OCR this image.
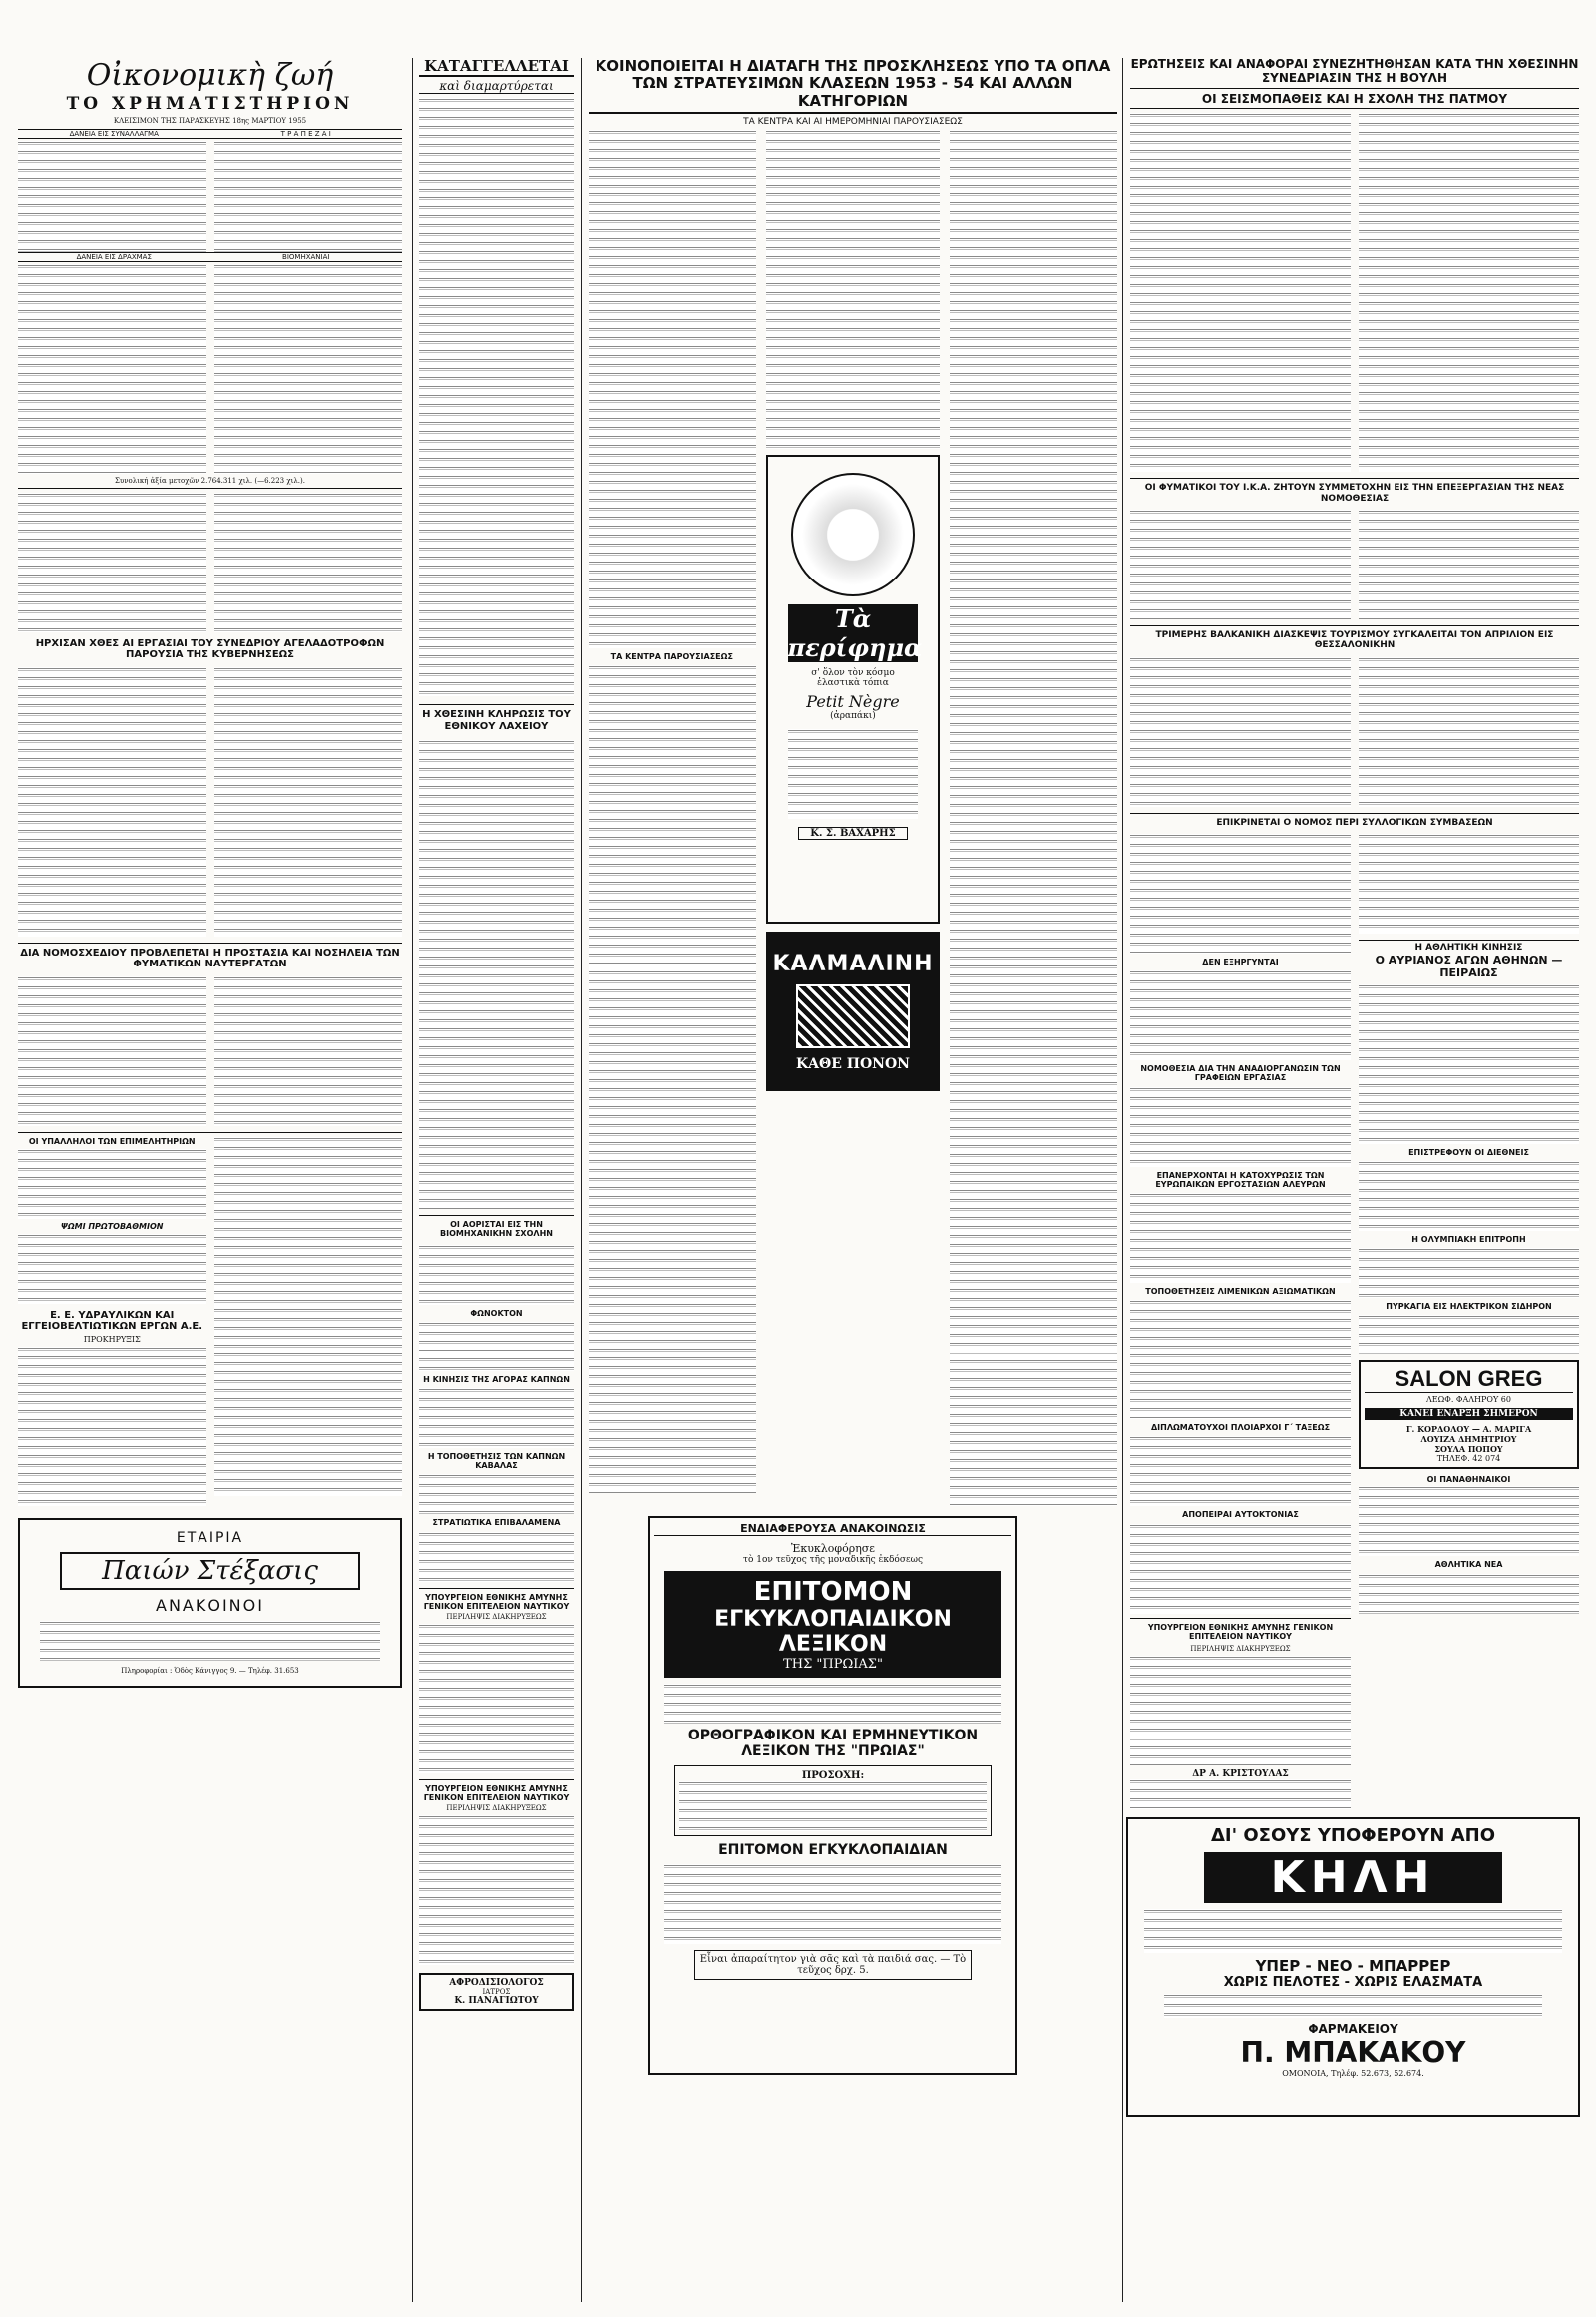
Οἰκονομικὴ ζωή
ΤΟ ΧΡΗΜΑΤΙΣΤΗΡΙΟΝ
ΚΛΕΙΣΙΜΟΝ ΤΗΣ ΠΑΡΑΣΚΕΥΗΣ 18ης ΜΑΡΤΙΟΥ 1955
ΔΑΝΕΙΑ ΕΙΣ ΣΥΝΑΛΛΑΓΜΑ	Τ Ρ Α Π Ε Ζ Α Ι
ΔΑΝΕΙΑ ΕΙΣ ΔΡΑΧΜΑΣ	ΒΙΟΜΗΧΑΝΙΑΙ
Συνολική ἀξία μετοχῶν 2.764.311 χιλ. (—6.223 χιλ.).
ΗΡΧΙΣΑΝ ΧΘΕΣ ΑΙ ΕΡΓΑΣΙΑΙ ΤΟΥ ΣΥΝΕΔΡΙΟΥ ΑΓΕΛΑΔΟΤΡΟΦΩΝ ΠΑΡΟΥΣΙΑ ΤΗΣ ΚΥΒΕΡΝΗΣΕΩΣ
ΔΙΑ ΝΟΜΟΣΧΕΔΙΟΥ ΠΡΟΒΛΕΠΕΤΑΙ Η ΠΡΟΣΤΑΣΙΑ ΚΑΙ ΝΟΣΗΛΕΙΑ ΤΩΝ ΦΥΜΑΤΙΚΩΝ ΝΑΥΤΕΡΓΑΤΩΝ
ΟΙ ΥΠΑΛΛΗΛΟΙ ΤΩΝ ΕΠΙΜΕΛΗΤΗΡΙΩΝ
ΨΩΜΙ ΠΡΩΤΟΒΑΘΜΙΟΝ
Ε. Ε. ΥΔΡΑΥΛΙΚΩΝ ΚΑΙ ΕΓΓΕΙΟΒΕΛΤΙΩΤΙΚΩΝ ΕΡΓΩΝ Α.Ε.
ΠΡΟΚΗΡΥΞΙΣ
ΕΤΑΙΡΙΑ
Παιών Στέξασις
ΑΝΑΚΟΙΝΟΙ
Πληροφορίαι : Ὁδὸς Κάνιγγος 9. — Τηλέφ. 31.653
ΚΑΤΑΓΓΕΛΛΕΤΑΙ
καὶ διαμαρτύρεται
Η ΧΘΕΣΙΝΗ ΚΛΗΡΩΣΙΣ ΤΟΥ ΕΘΝΙΚΟΥ ΛΑΧΕΙΟΥ
ΟΙ ΑΟΡΙΣΤΑΙ ΕΙΣ ΤΗΝ ΒΙΟΜΗΧΑΝΙΚΗΝ ΣΧΟΛΗΝ
ΦΩΝΟΚΤΟΝ
Η ΚΙΝΗΣΙΣ ΤΗΣ ΑΓΟΡΑΣ ΚΑΠΝΩΝ
Η ΤΟΠΟΘΕΤΗΣΙΣ ΤΩΝ ΚΑΠΝΩΝ ΚΑΒΑΛΑΣ
ΣΤΡΑΤΙΩΤΙΚΑ ΕΠΙΒΑΛΑΜΕΝΑ
ΥΠΟΥΡΓΕΙΟΝ ΕΘΝΙΚΗΣ ΑΜΥΝΗΣ ΓΕΝΙΚΟΝ ΕΠΙΤΕΛΕΙΟΝ ΝΑΥΤΙΚΟΥ
ΠΕΡΙΛΗΨΙΣ ΔΙΑΚΗΡΥΞΕΩΣ
ΥΠΟΥΡΓΕΙΟΝ ΕΘΝΙΚΗΣ ΑΜΥΝΗΣ ΓΕΝΙΚΟΝ ΕΠΙΤΕΛΕΙΟΝ ΝΑΥΤΙΚΟΥ
ΠΕΡΙΛΗΨΙΣ ΔΙΑΚΗΡΥΞΕΩΣ
ΑΦΡΟΔΙΣΙΟΛΟΓΟΣ
ΙΑΤΡΟΣ
Κ. ΠΑΝΑΓΙΩΤΟΥ
ΚΟΙΝΟΠΟΙΕΙΤΑΙ Η ΔΙΑΤΑΓΗ ΤΗΣ ΠΡΟΣΚΛΗΣΕΩΣ ΥΠΟ ΤΑ ΟΠΛΑ ΤΩΝ ΣΤΡΑΤΕΥΣΙΜΩΝ ΚΛΑΣΕΩΝ 1953 - 54 ΚΑΙ ΑΛΛΩΝ ΚΑΤΗΓΟΡΙΩΝ
ΤΑ ΚΕΝΤΡΑ ΚΑΙ ΑΙ ΗΜΕΡΟΜΗΝΙΑΙ ΠΑΡΟΥΣΙΑΣΕΩΣ
ΤΑ ΚΕΝΤΡΑ ΠΑΡΟΥΣΙΑΣΕΩΣ
Τὰ περίφημα
σ' ὅλον τὸν κόσμο
ἐλαστικὰ τόπια
Petit Nègre
(ἀραπάκι)
Κ. Σ. ΒΑΧΑΡΗΣ
ΚΑΛΜΑΛΙΝΗ
ΚΑΘΕ ΠΟΝΟΝ
ΕΝΔΙΑΦΕΡΟΥΣΑ ΑΝΑΚΟΙΝΩΣΙΣ
Ἐκυκλοφόρησε
τὸ 1ον τεῦχος τῆς μοναδικῆς ἐκδόσεως
ΕΠΙΤΟΜΟΝ
ΕΓΚΥΚΛΟΠΑΙΔΙΚΟΝ ΛΕΞΙΚΟΝ
ΤΗΣ "ΠΡΩΙΑΣ"
ΟΡΘΟΓΡΑΦΙΚΟΝ ΚΑΙ ΕΡΜΗΝΕΥΤΙΚΟΝ ΛΕΞΙΚΟΝ ΤΗΣ "ΠΡΩΙΑΣ"
ΠΡΟΣΟΧΗ:
ΕΠΙΤΟΜΟΝ ΕΓΚΥΚΛΟΠΑΙΔΙΑΝ
Εἶναι ἀπαραίτητον γιὰ σᾶς καὶ τὰ παιδιά σας. — Τὸ τεῦχος δρχ. 5.
ΕΡΩΤΗΣΕΙΣ ΚΑΙ ΑΝΑΦΟΡΑΙ ΣΥΝΕΖΗΤΗΘΗΣΑΝ ΚΑΤΑ ΤΗΝ ΧΘΕΣΙΝΗΝ ΣΥΝΕΔΡΙΑΣΙΝ ΤΗΣ Η ΒΟΥΛΗ
ΟΙ ΣΕΙΣΜΟΠΑΘΕΙΣ ΚΑΙ Η ΣΧΟΛΗ ΤΗΣ ΠΑΤΜΟΥ
ΟΙ ΦΥΜΑΤΙΚΟΙ ΤΟΥ Ι.Κ.Α. ΖΗΤΟΥΝ ΣΥΜΜΕΤΟΧΗΝ ΕΙΣ ΤΗΝ ΕΠΕΞΕΡΓΑΣΙΑΝ ΤΗΣ ΝΕΑΣ ΝΟΜΟΘΕΣΙΑΣ
ΤΡΙΜΕΡΗΣ ΒΑΛΚΑΝΙΚΗ ΔΙΑΣΚΕΨΙΣ ΤΟΥΡΙΣΜΟΥ ΣΥΓΚΑΛΕΙΤΑΙ ΤΟΝ ΑΠΡΙΛΙΟΝ ΕΙΣ ΘΕΣΣΑΛΟΝΙΚΗΝ
ΕΠΙΚΡΙΝΕΤΑΙ Ο ΝΟΜΟΣ ΠΕΡΙ ΣΥΛΛΟΓΙΚΩΝ ΣΥΜΒΑΣΕΩΝ
ΔΕΝ ΕΞΗΡΓΥΝΤΑΙ
ΝΟΜΟΘΕΣΙΑ ΔΙΑ ΤΗΝ ΑΝΑΔΙΟΡΓΑΝΩΣΙΝ ΤΩΝ ΓΡΑΦΕΙΩΝ ΕΡΓΑΣΙΑΣ
ΕΠΑΝΕΡΧΟΝΤΑΙ Η ΚΑΤΟΧΥΡΩΣΙΣ ΤΩΝ ΕΥΡΩΠΑΙΚΩΝ ΕΡΓΟΣΤΑΣΙΩΝ ΑΛΕΥΡΩΝ
ΤΟΠΟΘΕΤΗΣΕΙΣ ΛΙΜΕΝΙΚΩΝ ΑΞΙΩΜΑΤΙΚΩΝ
ΔΙΠΛΩΜΑΤΟΥΧΟΙ ΠΛΟΙΑΡΧΟΙ Γ΄ ΤΑΞΕΩΣ
ΑΠΟΠΕΙΡΑΙ ΑΥΤΟΚΤΟΝΙΑΣ
ΥΠΟΥΡΓΕΙΟΝ ΕΘΝΙΚΗΣ ΑΜΥΝΗΣ ΓΕΝΙΚΟΝ ΕΠΙΤΕΛΕΙΟΝ ΝΑΥΤΙΚΟΥ
ΠΕΡΙΛΗΨΙΣ ΔΙΑΚΗΡΥΞΕΩΣ
ΔΡ Α. ΚΡΙΣΤΟΥΛΑΣ
Η ΑΘΛΗΤΙΚΗ ΚΙΝΗΣΙΣ
Ο ΑΥΡΙΑΝΟΣ ΑΓΩΝ ΑΘΗΝΩΝ — ΠΕΙΡΑΙΩΣ
ΕΠΙΣΤΡΕΦΟΥΝ ΟΙ ΔΙΕΘΝΕΙΣ
Η ΟΛΥΜΠΙΑΚΗ ΕΠΙΤΡΟΠΗ
ΠΥΡΚΑΓΙΑ ΕΙΣ ΗΛΕΚΤΡΙΚΟΝ ΣΙΔΗΡΟΝ
SALON GREG
ΛΕΩΦ. ΦΑΛΗΡΟΥ 60
ΚΑΝΕΙ ΕΝΑΡΞΗ ΣΗΜΕΡΟΝ
Γ. ΚΟΡΔΟΛΟΥ — Α. ΜΑΡΙΓΑ
ΛΟΥΙΖΑ ΔΗΜΗΤΡΙΟΥ
ΣΟΥΛΑ ΠΟΠΟΥ
ΤΗΛΕΦ. 42 074
ΟΙ ΠΑΝΑΘΗΝΑΙΚΟΙ
ΑΘΛΗΤΙΚΑ ΝΕΑ
ΔΙ' ΟΣΟΥΣ ΥΠΟΦΕΡΟΥΝ ΑΠΟ
ΚΗΛΗ
ΥΠΕΡ - ΝΕΟ - ΜΠΑΡΡΕΡ
ΧΩΡΙΣ ΠΕΛΟΤΕΣ - ΧΩΡΙΣ ΕΛΑΣΜΑΤΑ
ΦΑΡΜΑΚΕΙΟΥ
Π. ΜΠΑΚΑΚΟΥ
ΟΜΟΝΟΙΑ, Τηλέφ. 52.673, 52.674.
